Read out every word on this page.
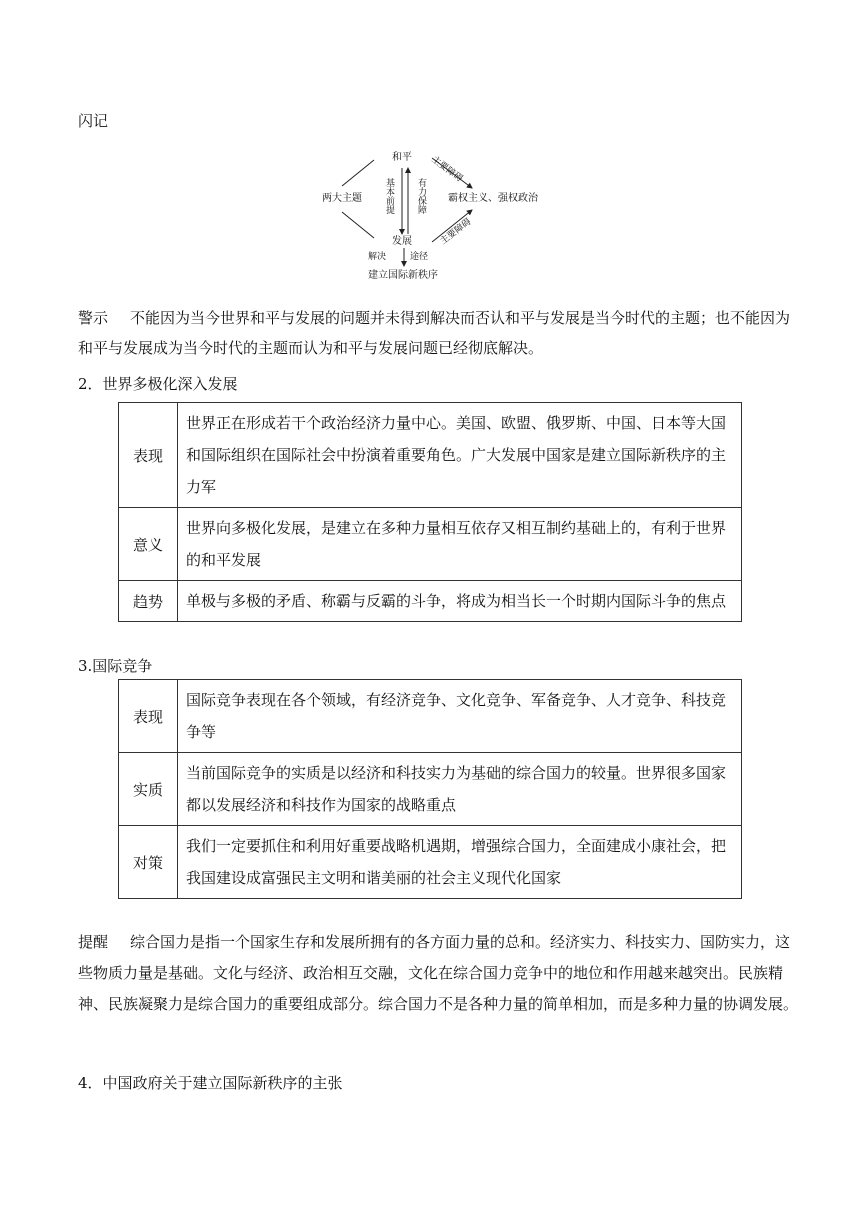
闪记
和平
发展
两大主题	霸权主义、强权政治
主要障碍
主要障碍
基本前提 有力保障
解决	途径
建立国际新秩序
警示 不能因为当今世界和平与发展的问题并未得到解决而否认和平与发展是当今时代的主题；也不能因为和平与发展成为当今时代的主题而认为和平与发展问题已经彻底解决。
2．世界多极化深入发展
表现	世界正在形成若干个政治经济力量中心。美国、欧盟、俄罗斯、中国、日本等大国和国际组织在国际社会中扮演着重要角色。广大发展中国家是建立国际新秩序的主力军
意义	世界向多极化发展，是建立在多种力量相互依存又相互制约基础上的，有利于世界的和平发展
趋势	单极与多极的矛盾、称霸与反霸的斗争，将成为相当长一个时期内国际斗争的焦点
3.国际竞争
表现	国际竞争表现在各个领域，有经济竞争、文化竞争、军备竞争、人才竞争、科技竞争等
实质	当前国际竞争的实质是以经济和科技实力为基础的综合国力的较量。世界很多国家都以发展经济和科技作为国家的战略重点
对策	我们一定要抓住和利用好重要战略机遇期，增强综合国力，全面建成小康社会，把我国建设成富强民主文明和谐美丽的社会主义现代化国家
提醒 综合国力是指一个国家生存和发展所拥有的各方面力量的总和。经济实力、科技实力、国防实力，这些物质力量是基础。文化与经济、政治相互交融，文化在综合国力竞争中的地位和作用越来越突出。民族精神、民族凝聚力是综合国力的重要组成部分。综合国力不是各种力量的简单相加，而是多种力量的协调发展。
4．中国政府关于建立国际新秩序的主张
